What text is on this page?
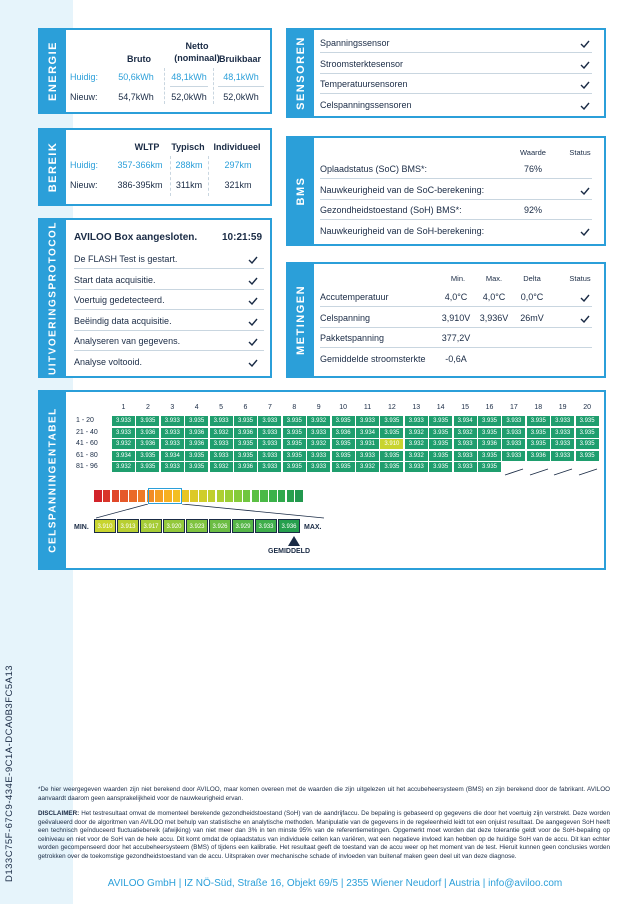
D133C75F-67C9-434E-9C1A-DCA0B3FC5A13
ENERGIE	Bruto
Netto
(nominaal) Bruikbaar
Huidig:	50,6kWh	48,1kWh	48,1kWh
Nieuw:	54,7kWh	52,0kWh	52,0kWh
BEREIK	WLTP	Typisch Individueel
Huidig:	357-366km	288km	297km
Nieuw:	386-395km	311km	321km
UITVOERINGSPROTOCOL AVILOO Box aangesloten. 10:21:59
De FLASH Test is gestart.
Start data acquisitie.
Voertuig gedetecteerd.
Beëindig data acquisitie.
Analyseren van gegevens.
Analyse voltooid.
SENSOREN Spanningssensor
Stroomsterktesensor
Temperatuursensoren
Celspanningssensoren
BMS
Waarde	Status
Oplaadstatus (SoC) BMS*:	76%
Nauwkeurigheid van de SoC-berekening:
Gezondheidstoestand (SoH) BMS*:	92%
Nauwkeurigheid van de SoH-berekening:
METINGEN
Min.	Max.	Delta	Status
Accutemperatuur	4,0°C	4,0°C	0,0°C
Celspanning	3,910V	3,936V	26mV
Pakketspanning	377,2V
Gemiddelde stroomsterkte	-0,6A
CELSPANNINGENTABEL	1	2	3	4	5	6	7	8	9	10	11	12	13	14	15	16	17	18	19	20
1 - 20	3.933	3.935	3.933	3.935	3.933	3.935	3.933	3.935	3.932	3.935	3.933	3.935	3.933	3.935	3.934	3.935	3.933	3.935	3.933	3.935
21 - 40	3.933	3.936	3.933	3.936	3.932	3.936	3.933	3.935	3.933	3.936	3.934	3.935	3.932	3.935	3.932	3.935	3.933	3.935	3.933	3.935
41 - 60	3.932	3.936	3.933	3.936	3.933	3.935	3.933	3.935	3.932	3.935	3.931	3.910	3.932	3.935	3.933	3.936	3.933	3.935	3.933	3.935
61 - 80	3.934	3.935	3.934	3.935	3.933	3.935	3.933	3.935	3.933	3.935	3.933	3.935	3.932	3.935	3.933	3.935	3.933	3.936	3.933	3.935
81 - 96	3.932	3.935	3.933	3.935	3.932	3.936	3.933	3.935	3.933	3.935	3.932	3.935	3.933	3.935	3.933	3.935
MIN.	3.910	3.913	3.917	3.920	3.923	3.926	3.929	3.933	3.936	MAX.
GEMIDDELD
*De hier weergegeven waarden zijn niet berekend door AVILOO, maar komen overeen met de waarden die zijn uitgelezen uit het accubeheersysteem (BMS) en zijn berekend door de fabrikant. AVILOO aanvaardt daarom geen aansprakelijkheid voor de nauwkeurigheid ervan.
DISCLAIMER: Het testresultaat omvat de momenteel berekende gezondheidstoestand (SoH) van de aandrijfaccu. De bepaling is gebaseerd op gegevens die door het voertuig zijn verstrekt. Deze worden geëvalueerd door de algoritmen van AVILOO met behulp van statistische en analytische methoden. Manipulatie van de gegevens in de regeleenheid leidt tot een onjuist resultaat. De aangegeven SoH heeft een technisch geïnduceerd fluctuatiebereik (afwijking) van niet meer dan 3% in ten minste 95% van de referentiemetingen. Opgemerkt moet worden dat deze tolerantie geldt voor de SoH-bepaling op celniveau en niet voor de SoH van de hele accu. Dit komt omdat de oplaadstatus van individuele cellen kan variëren, wat een negatieve invloed kan hebben op de huidige SoH van de accu. Dit kan echter worden gecompenseerd door het accubeheersysteem (BMS) of tijdens een kalibratie. Het resultaat geeft de toestand van de accu weer op het moment van de test. Hieruit kunnen geen conclusies worden getrokken over de toekomstige gezondheidstoestand van de accu. Uitspraken over mechanische schade of invloeden van buitenaf maken geen deel uit van deze diagnose.
AVILOO GmbH | IZ NÖ-Süd, Straße 16, Objekt 69/5 | 2355 Wiener Neudorf | Austria | info@aviloo.com
